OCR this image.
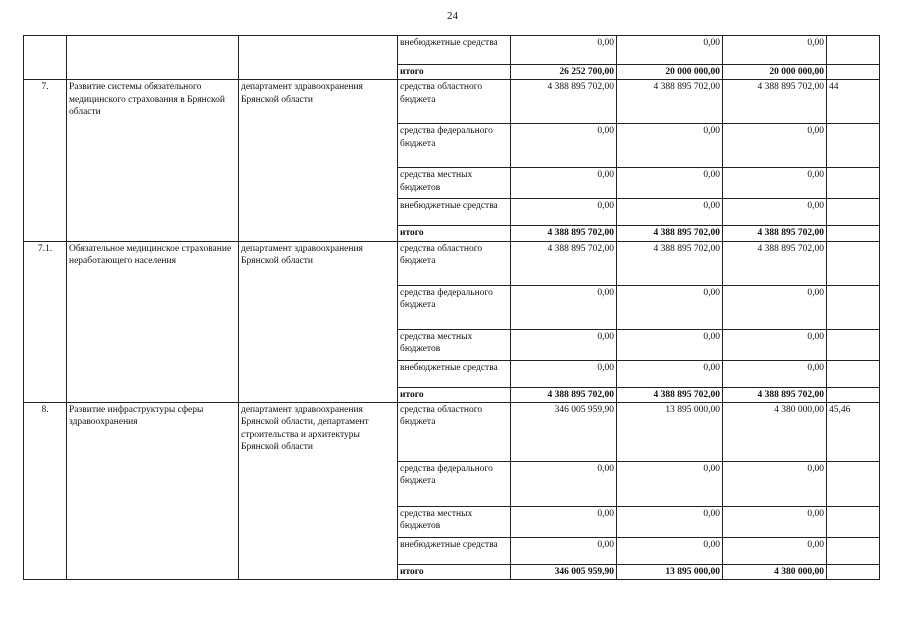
24
			внебюджетные средства	0,00	0,00	0,00	
			итого	26 252 700,00	20 000 000,00	20 000 000,00	
7.	Развитие системы обязательного медицинского страхования в Брянской области	департамент здравоохранения Брянской области	средства областного бюджета	4 388 895 702,00	4 388 895 702,00	4 388 895 702,00	44
			средства федерального бюджета	0,00	0,00	0,00	
			средства местных бюджетов	0,00	0,00	0,00	
			внебюджетные средства	0,00	0,00	0,00	
			итого	4 388 895 702,00	4 388 895 702,00	4 388 895 702,00	
7.1.	Обязательное медицинское страхование неработающего населения	департамент здравоохранения Брянской области	средства областного бюджета	4 388 895 702,00	4 388 895 702,00	4 388 895 702,00	
			средства федерального бюджета	0,00	0,00	0,00	
			средства местных бюджетов	0,00	0,00	0,00	
			внебюджетные средства	0,00	0,00	0,00	
			итого	4 388 895 702,00	4 388 895 702,00	4 388 895 702,00	
8.	Развитие инфраструктуры сферы здравоохранения	департамент здравоохранения Брянской области, департамент строительства и архитектуры Брянской области	средства областного бюджета	346 005 959,90	13 895 000,00	4 380 000,00	45,46
			средства федерального бюджета	0,00	0,00	0,00	
			средства местных бюджетов	0,00	0,00	0,00	
			внебюджетные средства	0,00	0,00	0,00	
			итого	346 005 959,90	13 895 000,00	4 380 000,00	
